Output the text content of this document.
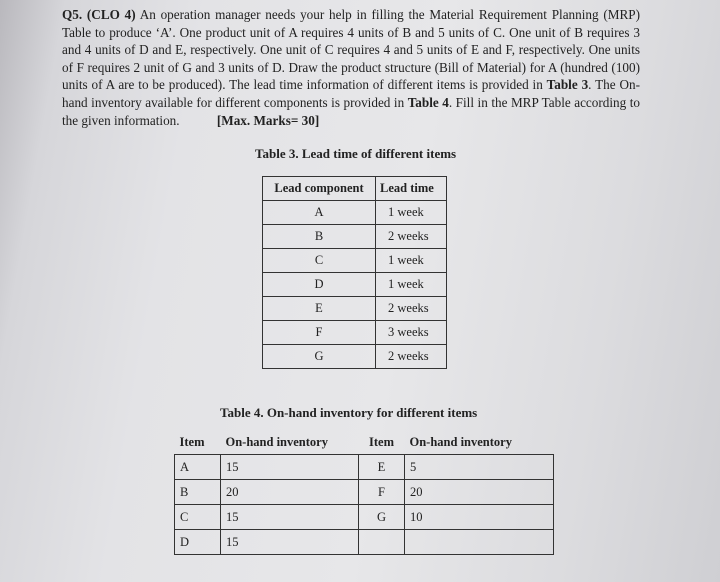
Q5. (CLO 4) An operation manager needs your help in filling the Material Requirement Planning (MRP) Table to produce ‘A’. One product unit of A requires 4 units of B and 5 units of C. One unit of B requires 3 and 4 units of D and E, respectively. One unit of C requires 4 and 5 units of E and F, respectively. One units of F requires 2 unit of G and 3 units of D. Draw the product structure (Bill of Material) for A (hundred (100) units of A are to be produced). The lead time information of different items is provided in Table 3. The On-hand inventory available for different components is provided in Table 4. Fill in the MRP Table according to the given information.	[Max. Marks= 30]
Table 3. Lead time of different items
Lead component	Lead time
A	1 week
B	2 weeks
C	1 week
D	1 week
E	2 weeks
F	3 weeks
G	2 weeks
Table 4. On-hand inventory for different items
Item	On-hand inventory	Item	On-hand inventory
A	15	E	5
B	20	F	20
C	15	G	10
D	15		
